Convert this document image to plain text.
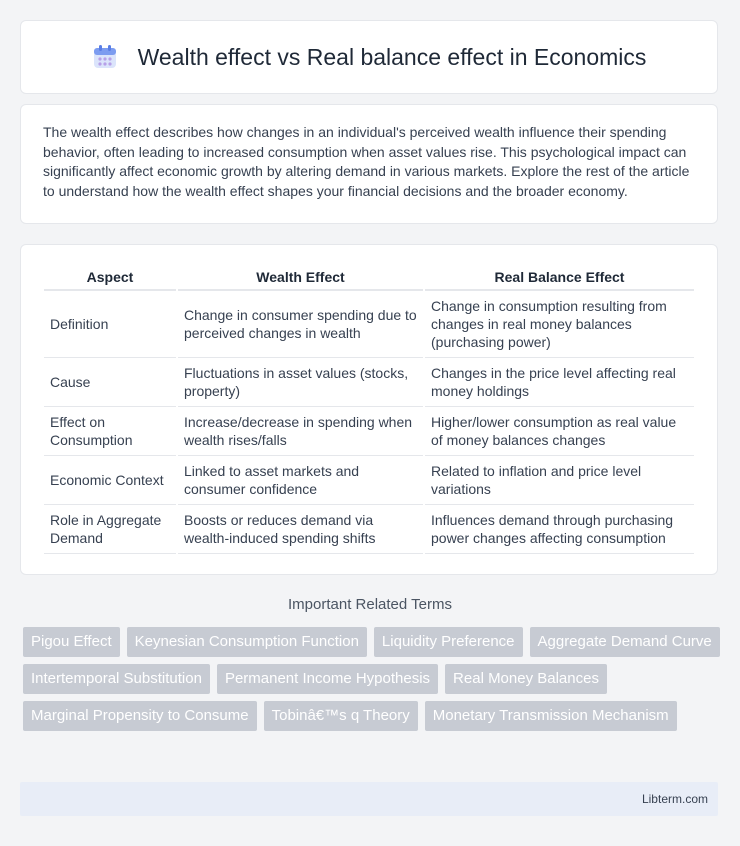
Wealth effect vs Real balance effect in Economics

The wealth effect describes how changes in an individual's perceived wealth influence their spending behavior, often leading to increased consumption when asset values rise. This psychological impact can significantly affect economic growth by altering demand in various markets. Explore the rest of the article to understand how the wealth effect shapes your financial decisions and the broader economy.

Aspect	Wealth Effect	Real Balance Effect
Definition	Change in consumer spending due to perceived changes in wealth	Change in consumption resulting from changes in real money balances (purchasing power)
Cause	Fluctuations in asset values (stocks, property)	Changes in the price level affecting real money holdings
Effect on Consumption	Increase/decrease in spending when wealth rises/falls	Higher/lower consumption as real value of money balances changes
Economic Context	Linked to asset markets and consumer confidence	Related to inflation and price level variations
Role in Aggregate Demand	Boosts or reduces demand via wealth-induced spending shifts	Influences demand through purchasing power changes affecting consumption
Important Related Terms
Pigou Effect	Keynesian Consumption Function	Liquidity Preference	Aggregate Demand Curve
Intertemporal Substitution	Permanent Income Hypothesis	Real Money Balances
Marginal Propensity to Consume	Tobinâ€™s q Theory	Monetary Transmission Mechanism
Libterm.com
